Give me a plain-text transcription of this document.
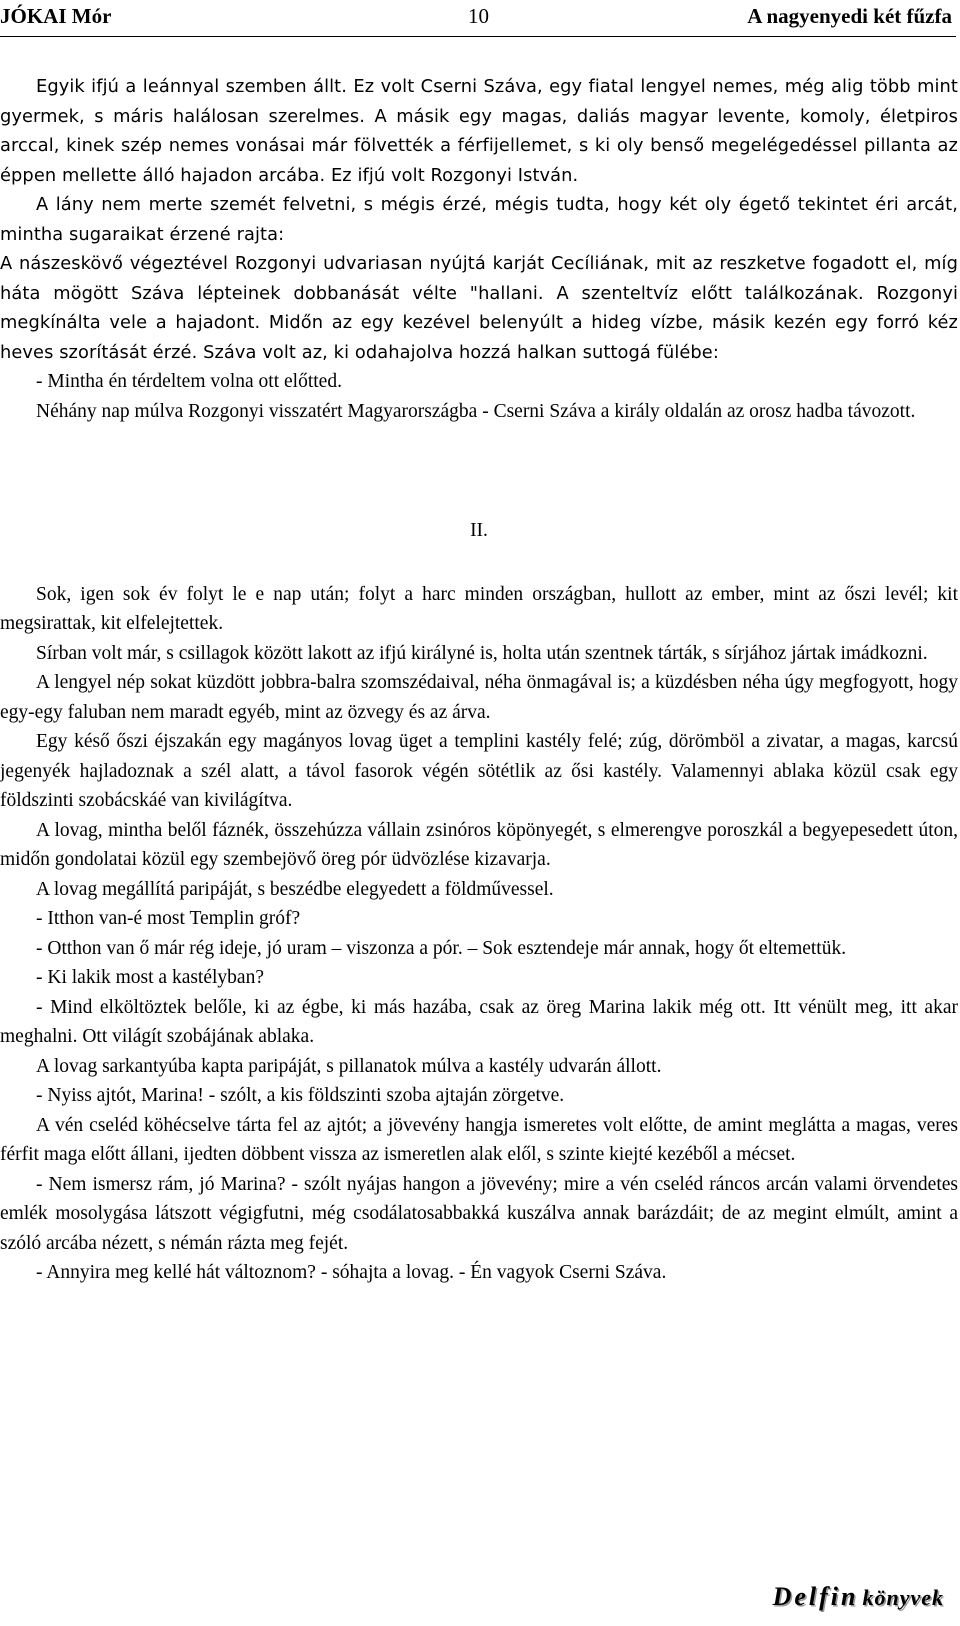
JÓKAI Mór	10	A nagyenyedi két fűzfa

Egyik ifjú a leánnyal szemben állt. Ez volt Cserni Száva, egy fiatal lengyel nemes, még alig több mint gyermek, s máris halálosan szerelmes. A másik egy magas, daliás magyar levente, komoly, életpiros arccal, kinek szép nemes vonásai már fölvették a férfijellemet, s ki oly benső megelégedéssel pillanta az éppen mellette álló hajadon arcába. Ez ifjú volt Rozgonyi István.

A lány nem merte szemét felvetni, s mégis érzé, mégis tudta, hogy két oly égető tekintet éri arcát, mintha sugaraikat érzené rajta:

A nászeskövő végeztével Rozgonyi udvariasan nyújtá karját Cecíliának, mit az reszketve fogadott el, míg háta mögött Száva lépteinek dobbanását vélte "hallani. A szenteltvíz előtt találkozának. Rozgonyi megkínálta vele a hajadont. Midőn az egy kezével belenyúlt a hideg vízbe, másik kezén egy forró kéz heves szorítását érzé. Száva volt az, ki odahajolva hozzá halkan suttogá fülébe:

- Mintha én térdeltem volna ott előtted.

Néhány nap múlva Rozgonyi visszatért Magyarországba - Cserni Száva a király oldalán az orosz hadba távozott.

II.

Sok, igen sok év folyt le e nap után; folyt a harc minden országban, hullott az ember, mint az őszi levél; kit megsirattak, kit elfelejtettek.

Sírban volt már, s csillagok között lakott az ifjú királyné is, holta után szentnek tárták, s sírjához jártak imádkozni.

A lengyel nép sokat küzdött jobbra-balra szomszédaival, néha önmagával is; a küzdésben néha úgy megfogyott, hogy egy-egy faluban nem maradt egyéb, mint az özvegy és az árva.

Egy késő őszi éjszakán egy magányos lovag üget a templini kastély felé; zúg, dörömböl a zivatar, a magas, karcsú jegenyék hajladoznak a szél alatt, a távol fasorok végén sötétlik az ősi kastély. Valamennyi ablaka közül csak egy földszinti szobácskáé van kivilágítva.

A lovag, mintha belől fáznék, összehúzza vállain zsinóros köpönyegét, s elmerengve poroszkál a begyepesedett úton, midőn gondolatai közül egy szembejövő öreg pór üdvözlése kizavarja.

A lovag megállítá paripáját, s beszédbe elegyedett a földművessel.

- Itthon van-é most Templin gróf?

- Otthon van ő már rég ideje, jó uram – viszonza a pór. – Sok esztendeje már annak, hogy őt eltemettük.

- Ki lakik most a kastélyban?

- Mind elköltöztek belőle, ki az égbe, ki más hazába, csak az öreg Marina lakik még ott. Itt vénült meg, itt akar meghalni. Ott világít szobájának ablaka.

A lovag sarkantyúba kapta paripáját, s pillanatok múlva a kastély udvarán állott.

- Nyiss ajtót, Marina! - szólt, a kis földszinti szoba ajtaján zörgetve.

A vén cseléd köhécselve tárta fel az ajtót; a jövevény hangja ismeretes volt előtte, de amint meglátta a magas, veres férfit maga előtt állani, ijedten döbbent vissza az ismeretlen alak elől, s szinte kiejté kezéből a mécset.

- Nem ismersz rám, jó Marina? - szólt nyájas hangon a jövevény; mire a vén cseléd ráncos arcán valami örvendetes emlék mosolygása látszott végigfutni, még csodálatosabbakká kuszálva annak barázdáit; de az megint elmúlt, amint a szóló arcába nézett, s némán rázta meg fejét.

- Annyira meg kellé hát változnom? - sóhajta a lovag. - Én vagyok Cserni Száva.

Delfin könyvek
